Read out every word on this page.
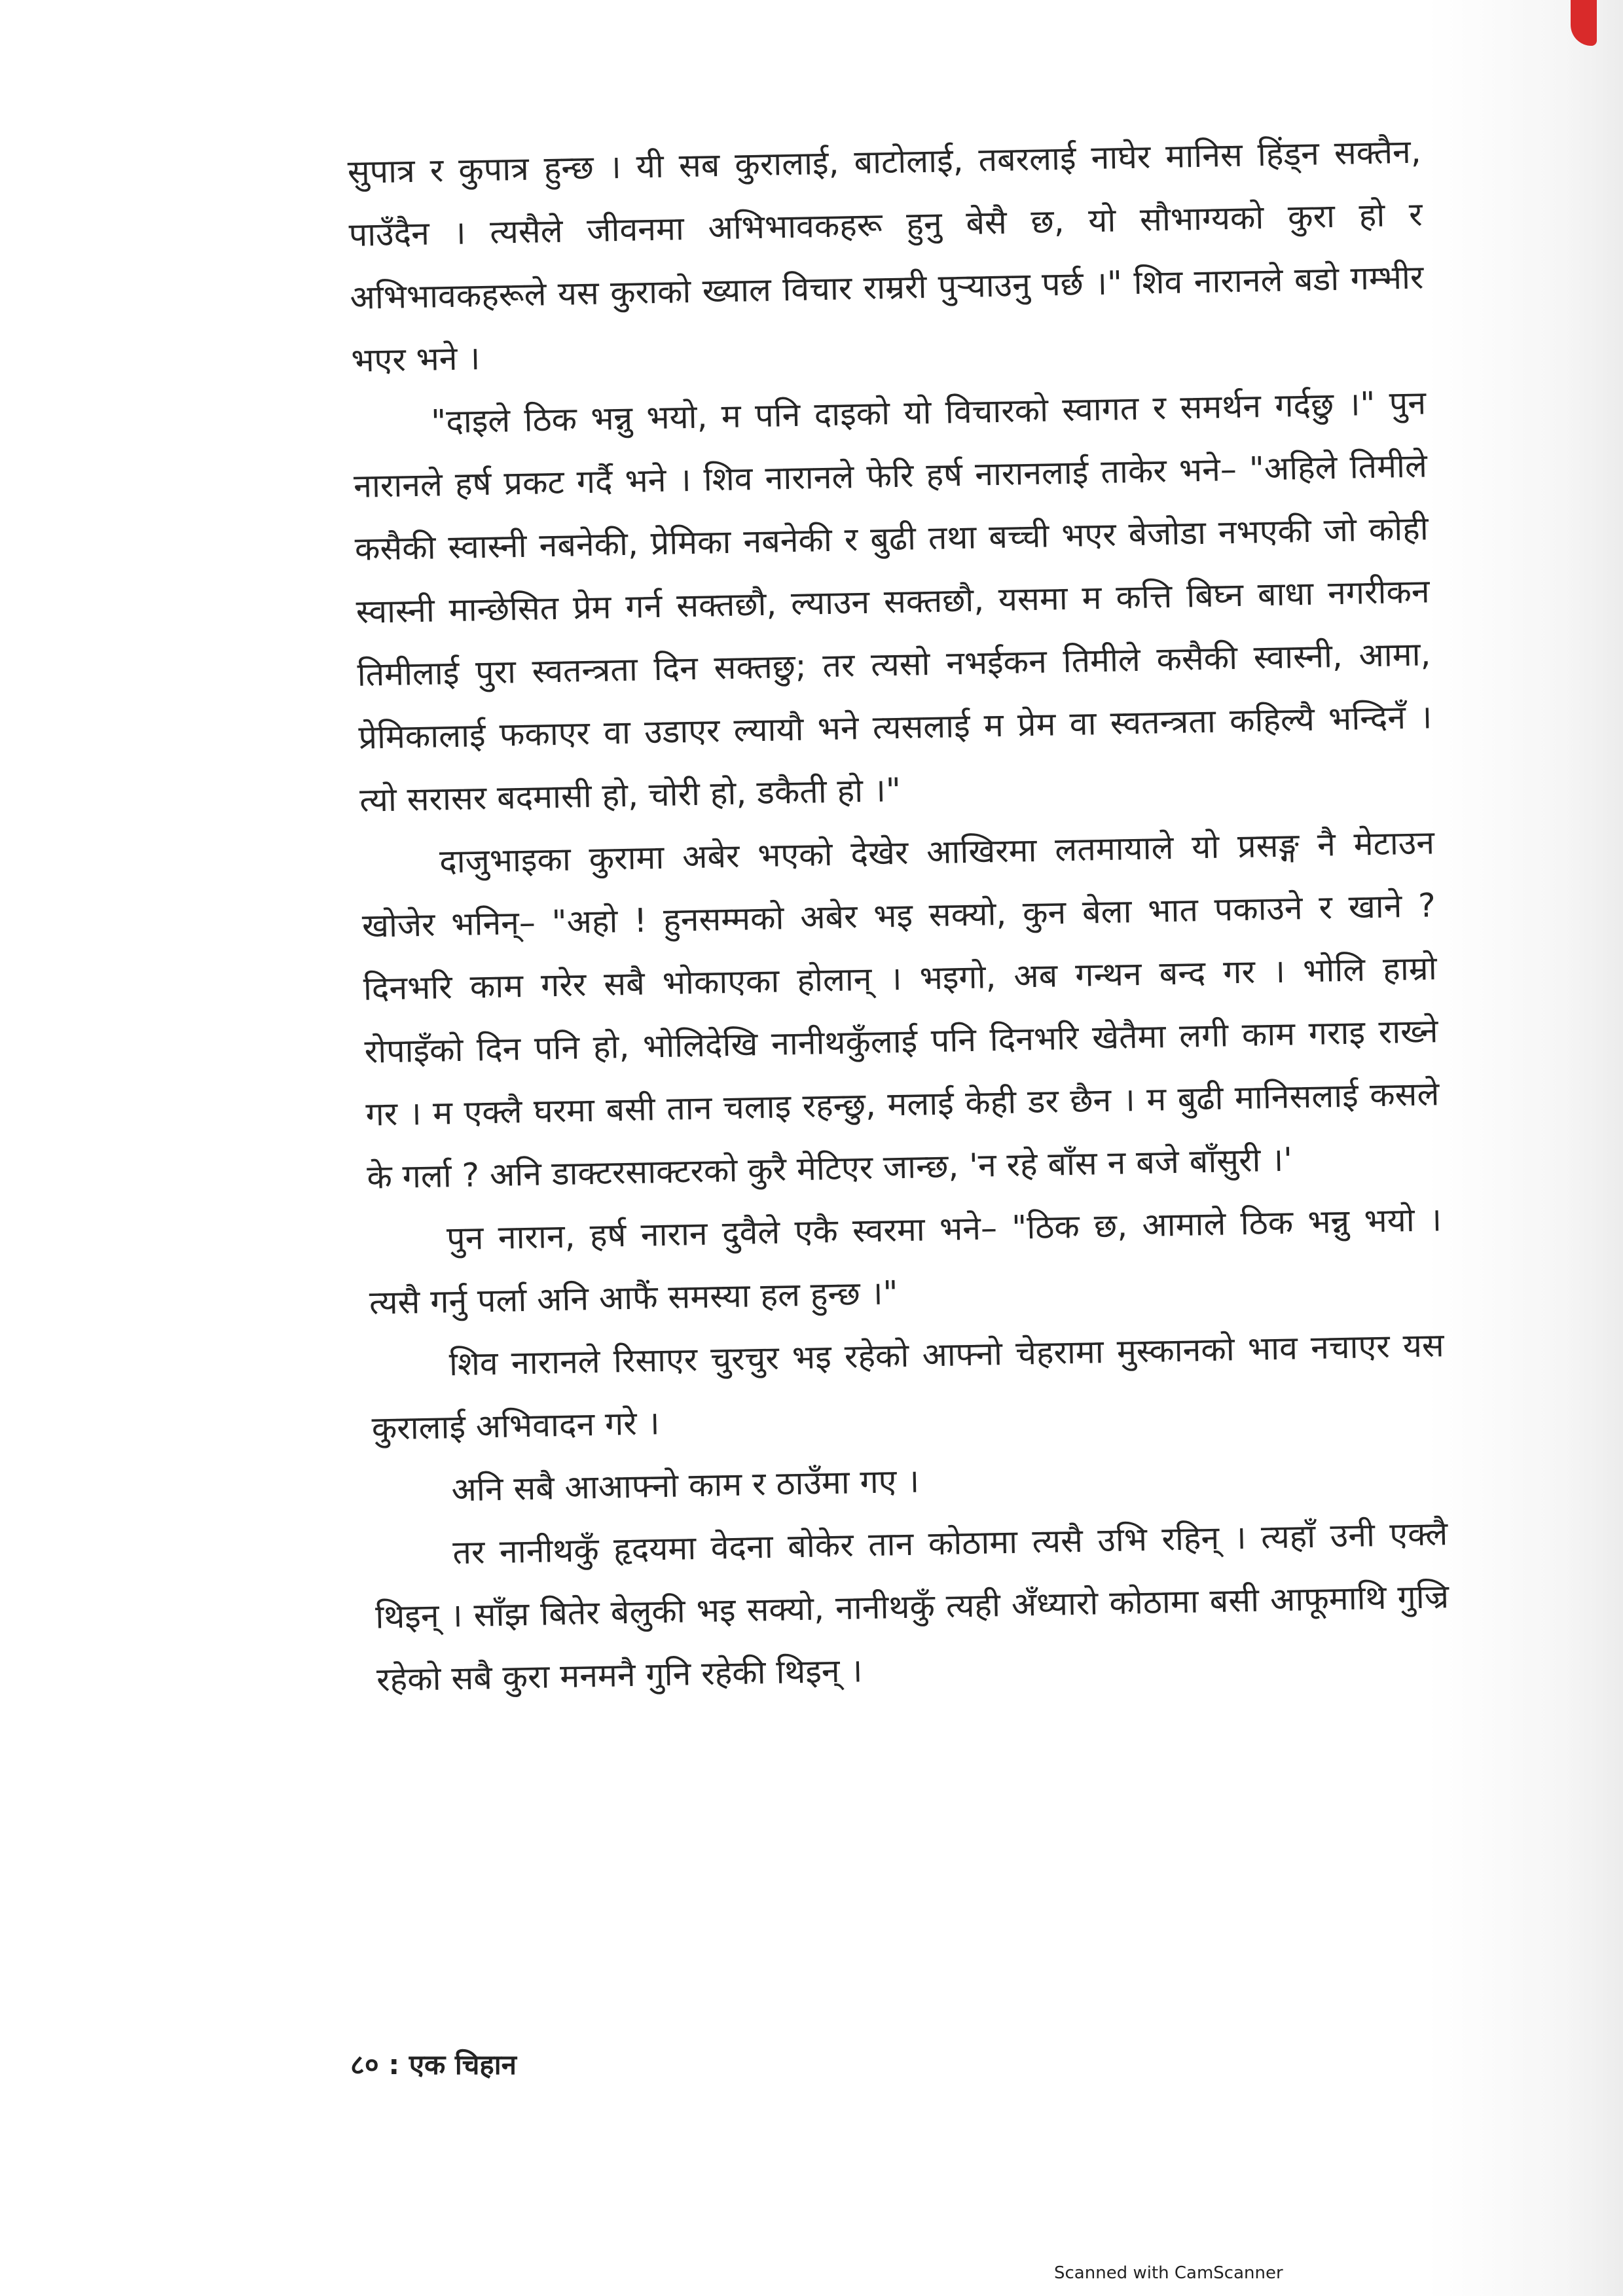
सुपात्र र कुपात्र हुन्छ । यी सब कुरालाई, बाटोलाई, तबरलाई नाघेर मानिस हिंड्न सक्तैन, पाउँदैन । त्यसैले जीवनमा अभिभावकहरू हुनु बेसै छ, यो सौभाग्यको कुरा हो र अभिभावकहरूले यस कुराको ख्याल विचार राम्ररी पुऱ्याउनु पर्छ ।" शिव नारानले बडो गम्भीर भएर भने ।

"दाइले ठिक भन्नु भयो, म पनि दाइको यो विचारको स्वागत र समर्थन गर्दछु ।" पुन नारानले हर्ष प्रकट गर्दै भने । शिव नारानले फेरि हर्ष नारानलाई ताकेर भने– "अहिले तिमीले कसैकी स्वास्नी नबनेकी, प्रेमिका नबनेकी र बुढी तथा बच्ची भएर बेजोडा नभएकी जो कोही स्वास्नी मान्छेसित प्रेम गर्न सक्तछौ, ल्याउन सक्तछौ, यसमा म कत्ति बिघ्न बाधा नगरीकन तिमीलाई पुरा स्वतन्त्रता दिन सक्तछु; तर त्यसो नभईकन तिमीले कसैकी स्वास्नी, आमा, प्रेमिकालाई फकाएर वा उडाएर ल्यायौ भने त्यसलाई म प्रेम वा स्वतन्त्रता कहिल्यै भन्दिनँ । त्यो सरासर बदमासी हो, चोरी हो, डकैती हो ।"

दाजुभाइका कुरामा अबेर भएको देखेर आखिरमा लतमायाले यो प्रसङ्ग नै मेटाउन खोजेर भनिन्– "अहो ! हुनसम्मको अबेर भइ सक्यो, कुन बेला भात पकाउने र खाने ? दिनभरि काम गरेर सबै भोकाएका होलान् । भइगो, अब गन्थन बन्द गर । भोलि हाम्रो रोपाइँको दिन पनि हो, भोलिदेखि नानीथकुँलाई पनि दिनभरि खेतैमा लगी काम गराइ राख्ने गर । म एक्लै घरमा बसी तान चलाइ रहन्छु, मलाई केही डर छैन । म बुढी मानिसलाई कसले के गर्ला ? अनि डाक्टरसाक्टरको कुरै मेटिएर जान्छ, 'न रहे बाँस न बजे बाँसुरी ।'

पुन नारान, हर्ष नारान दुवैले एकै स्वरमा भने– "ठिक छ, आमाले ठिक भन्नु भयो । त्यसै गर्नु पर्ला अनि आफैं समस्या हल हुन्छ ।"

शिव नारानले रिसाएर चुरचुर भइ रहेको आफ्नो चेहरामा मुस्कानको भाव नचाएर यस कुरालाई अभिवादन गरे ।

अनि सबै आआफ्नो काम र ठाउँमा गए ।

तर नानीथकुँ हृदयमा वेदना बोकेर तान कोठामा त्यसै उभि रहिन् । त्यहाँ उनी एक्लै थिइन् । साँझ बितेर बेलुकी भइ सक्यो, नानीथकुँ त्यही अँध्यारो कोठामा बसी आफूमाथि गुज्रि रहेको सबै कुरा मनमनै गुनि रहेकी थिइन् ।

८० : एक चिहान
Scanned with CamScanner
